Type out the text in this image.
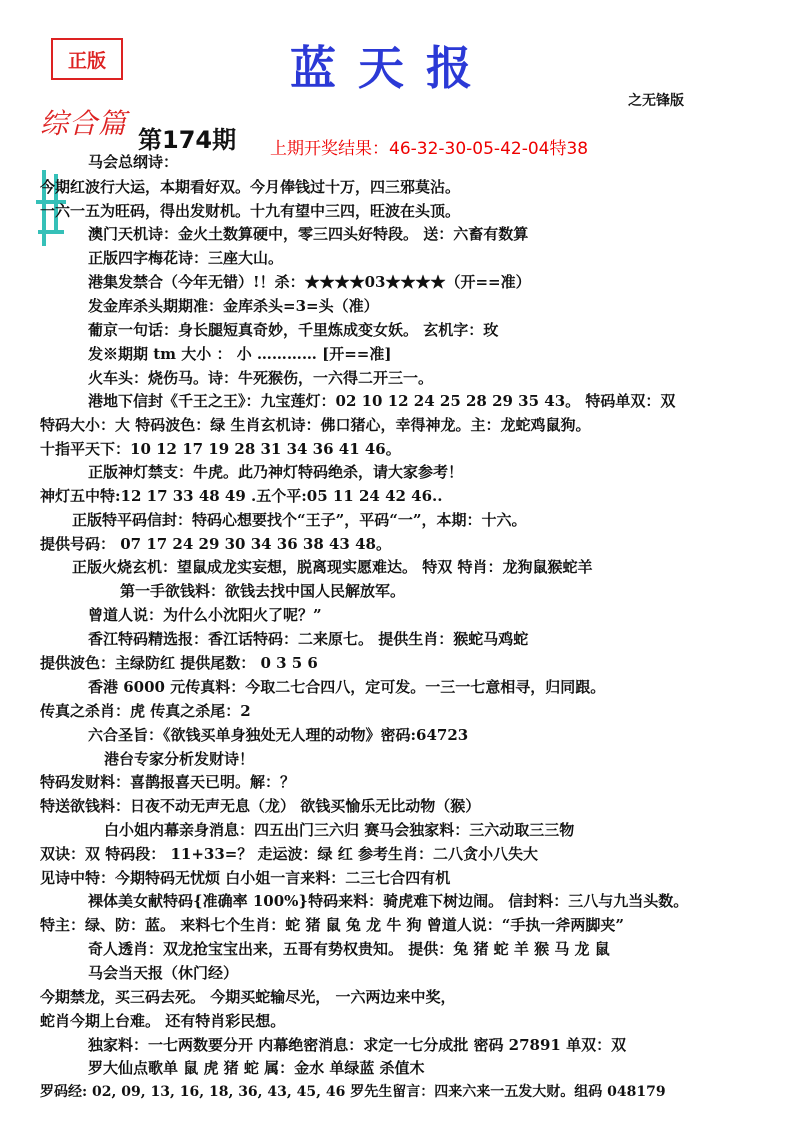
正版	蓝天报
之无锋版
综合篇 第174期 上期开奖结果：46-32-30-05-42-04特38
马会总纲诗：
今期红波行大运，本期看好双。今月俸钱过十万，四三邪莫沾。
一六一五为旺码，得出发财机。十九有望中三四，旺波在头顶。
澳门天机诗：金火土数算硬中，零三四头好特段。 送：六畜有数算
正版四字梅花诗：三座大山。
港集发禁合（今年无错）!！杀：★★★★03★★★★（开==准）
发金库杀头期期准：金库杀头=3=头（准）
葡京一句话：身长腿短真奇妙，千里炼成变女妖。 玄机字：玫
发※期期 tm 大小 ： 小 ………… [开==准]
火车头：烧伤马。诗：牛死猴伤，一六得二开三一。
港地下信封《千王之王》：九宝莲灯：02 10 12 24 25 28 29 35 43。 特码单双：双
特码大小：大 特码波色：绿 生肖玄机诗：佛口猪心，幸得神龙。主：龙蛇鸡鼠狗。
十指平天下：10 12 17 19 28 31 34 36 41 46。
正版神灯禁支：牛虎。此乃神灯特码绝杀，请大家参考！
神灯五中特:12 17 33 48 49 .五个平:05 11 24 42 46..
正版特平码信封：特码心想要找个“王子”，平码“一”，本期：十六。
提供号码： 07 17 24 29 30 34 36 38 43 48。
正版火烧玄机：望鼠成龙实妄想，脱离现实愿难达。 特双 特肖：龙狗鼠猴蛇羊
第一手欲钱料：欲钱去找中国人民解放军。
曾道人说：为什么小沈阳火了呢？”
香江特码精选报：香江话特码：二来原七。 提供生肖：猴蛇马鸡蛇
提供波色：主绿防红 提供尾数： 0 3 5 6
香港 6000 元传真料：今取二七合四八，定可发。一三一七意相寻，归同跟。
传真之杀肖：虎 传真之杀尾：2
六合圣旨：《欲钱买单身独处无人理的动物》密码:64723
港台专家分析发财诗！
特码发财料：喜鹊报喜天已明。解：？
特送欲钱料：日夜不动无声无息（龙） 欲钱买愉乐无比动物（猴）
白小姐内幕亲身消息：四五出门三六归 赛马会独家料：三六动取三三物
双诀：双 特码段： 11+33=？ 走运波：绿 红 参考生肖：二八贪小八失大
见诗中特：今期特码无忧烦 白小姐一言来料：二三七合四有机
裸体美女献特码{准确率 100%}特码来料：骑虎难下树边闹。 信封料：三八与九当头数。
特主：绿、防：蓝。 来料七个生肖：蛇 猪 鼠 兔 龙 牛 狗 曾道人说：“手执一斧两脚夹”
奇人透肖：双龙抢宝宝出来，五哥有势权贵知。 提供：兔 猪 蛇 羊 猴 马 龙 鼠
马会当天报（休门经）
今期禁龙，买三码去死。 今期买蛇输尽光， 一六两边来中奖，
蛇肖今期上台难。 还有特肖彩民想。
独家料：一七两数要分开 内幕绝密消息：求定一七分成批 密码 27891 单双：双
罗大仙点歌单 鼠 虎 猪 蛇 属：金水 单绿蓝 杀值木
罗码经: 02, 09, 13, 16, 18, 36, 43, 45, 46 罗先生留言：四来六来一五发大财。组码 048179
